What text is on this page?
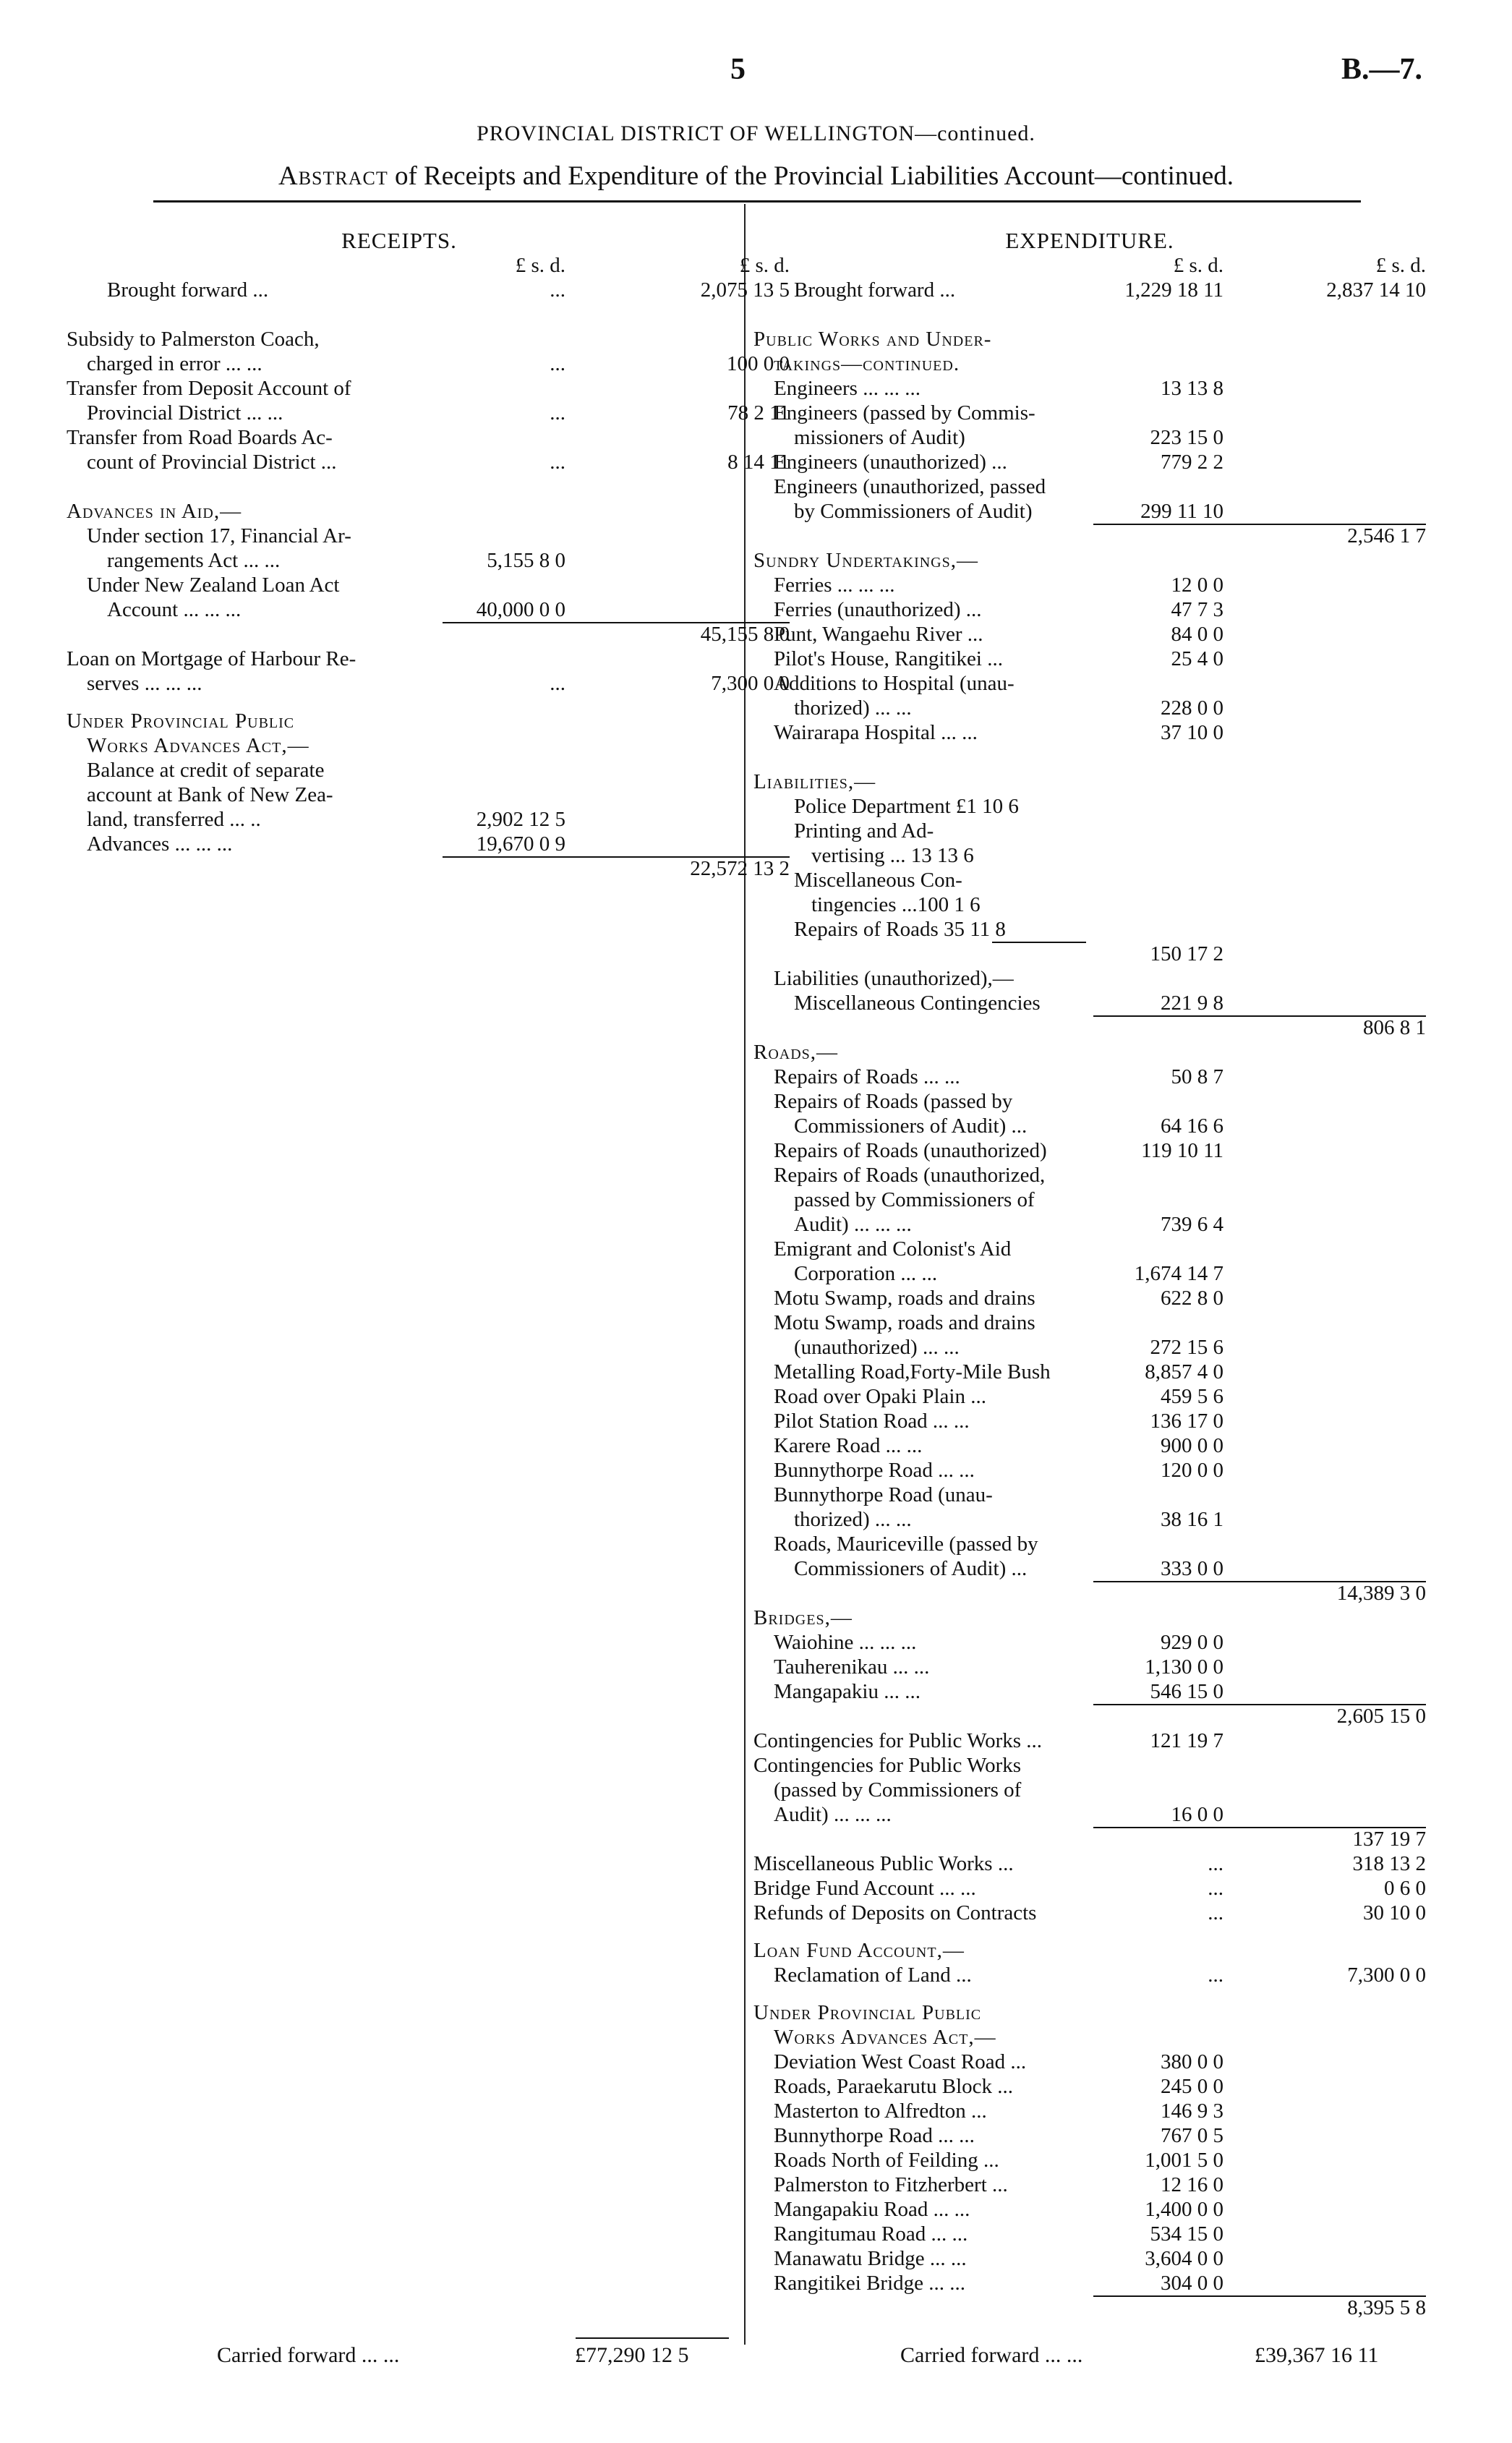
5	B.—7.
PROVINCIAL DISTRICT OF WELLINGTON—continued.
Abstract of Receipts and Expenditure of the Provincial Liabilities Account—continued.
RECEIPTS.
£ s. d.	£ s. d.
Brought forward ...	...	2,075 13 5
Subsidy to Palmerston Coach,
charged in error ... ...	...	100 0 0
Transfer from Deposit Account of
Provincial District ... ...	...	78 2 11
Transfer from Road Boards Ac-
count of Provincial District ...	...	8 14 11
Advances in Aid,—
Under section 17, Financial Ar-
rangements Act ... ...	5,155 8 0
Under New Zealand Loan Act
Account ... ... ...	40,000 0 0
45,155 8 0
Loan on Mortgage of Harbour Re-
serves ... ... ...	...	7,300 0 0
Under Provincial Public
Works Advances Act,—
Balance at credit of separate
account at Bank of New Zea-
land, transferred ... ..	2,902 12 5
Advances ... ... ...	19,670 0 9
22,572 13 2
EXPENDITURE.
£ s. d.	£ s. d.
Brought forward ...	1,229 18 11	2,837 14 10
Public Works and Under-
takings—continued.
Engineers ... ... ...	13 13 8
Engineers (passed by Commis-
missioners of Audit)	223 15 0
Engineers (unauthorized) ...	779 2 2
Engineers (unauthorized, passed
by Commissioners of Audit)	299 11 10
2,546 1 7
Sundry Undertakings,—
Ferries ... ... ...	12 0 0
Ferries (unauthorized) ...	47 7 3
Punt, Wangaehu River ...	84 0 0
Pilot's House, Rangitikei ...	25 4 0
Additions to Hospital (unau-
thorized) ... ...	228 0 0
Wairarapa Hospital ... ...	37 10 0
Liabilities,—
Police Department £1 10 6
Printing and Ad-
vertising ... 13 13 6
Miscellaneous Con-
tingencies ...100 1 6
Repairs of Roads 35 11 8
150 17 2
Liabilities (unauthorized),—
Miscellaneous Contingencies	221 9 8
806 8 1
Roads,—
Repairs of Roads ... ...	50 8 7
Repairs of Roads (passed by
Commissioners of Audit) ...	64 16 6
Repairs of Roads (unauthorized)	119 10 11
Repairs of Roads (unauthorized,
passed by Commissioners of
Audit) ... ... ...	739 6 4
Emigrant and Colonist's Aid
Corporation ... ...	1,674 14 7
Motu Swamp, roads and drains	622 8 0
Motu Swamp, roads and drains
(unauthorized) ... ...	272 15 6
Metalling Road,Forty-Mile Bush	8,857 4 0
Road over Opaki Plain ...	459 5 6
Pilot Station Road ... ...	136 17 0
Karere Road ... ...	900 0 0
Bunnythorpe Road ... ...	120 0 0
Bunnythorpe Road (unau-
thorized) ... ...	38 16 1
Roads, Mauriceville (passed by
Commissioners of Audit) ...	333 0 0
14,389 3 0
Bridges,—
Waiohine ... ... ...	929 0 0
Tauherenikau ... ...	1,130 0 0
Mangapakiu ... ...	546 15 0
2,605 15 0
Contingencies for Public Works ...	121 19 7
Contingencies for Public Works
(passed by Commissioners of
Audit) ... ... ...	16 0 0
137 19 7
Miscellaneous Public Works ...	...	318 13 2
Bridge Fund Account ... ...	...	0 6 0
Refunds of Deposits on Contracts	...	30 10 0
Loan Fund Account,—
Reclamation of Land ...	...	7,300 0 0
Under Provincial Public
Works Advances Act,—
Deviation West Coast Road ...	380 0 0
Roads, Paraekarutu Block ...	245 0 0
Masterton to Alfredton ...	146 9 3
Bunnythorpe Road ... ...	767 0 5
Roads North of Feilding ...	1,001 5 0
Palmerston to Fitzherbert ...	12 16 0
Mangapakiu Road ... ...	1,400 0 0
Rangitumau Road ... ...	534 15 0
Manawatu Bridge ... ...	3,604 0 0
Rangitikei Bridge ... ...	304 0 0
8,395 5 8
Carried forward ... ...	£77,290 12 5	Carried forward ... ...	£39,367 16 11
